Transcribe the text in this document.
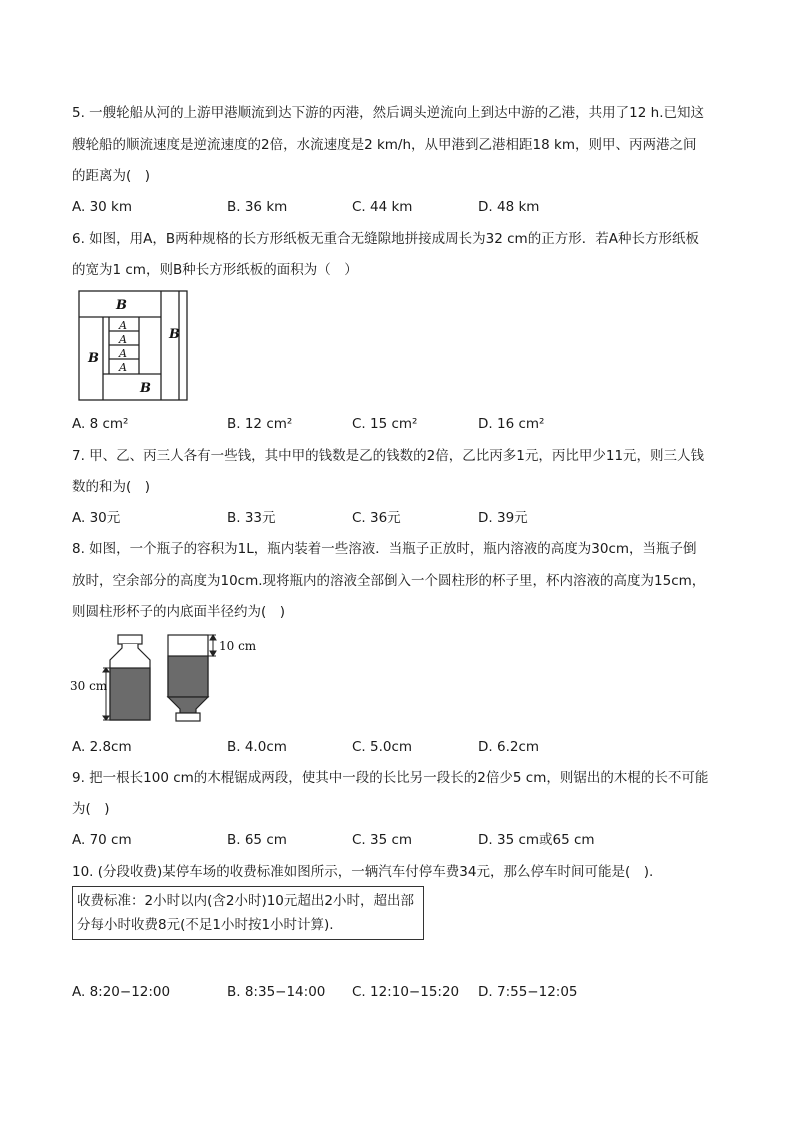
5. 一艘轮船从河的上游甲港顺流到达下游的丙港，然后调头逆流向上到达中游的乙港，共用了12 h.已知这
艘轮船的顺流速度是逆流速度的2倍，水流速度是2 km/h，从甲港到乙港相距18 km，则甲、丙两港之间
的距离为(　)
A. 30 km	B. 36 km	C. 44 km	D. 48 km
6. 如图，用A，B两种规格的长方形纸板无重合无缝隙地拼接成周长为32 cm的正方形．若A种长方形纸板
的宽为1 cm，则B种长方形纸板的面积为（　）
B
B
B
B
A
A
A
A
A. 8 cm²	B. 12 cm²	C. 15 cm²	D. 16 cm²
7. 甲、乙、丙三人各有一些钱，其中甲的钱数是乙的钱数的2倍，乙比丙多1元，丙比甲少11元，则三人钱
数的和为(　)
A. 30元	B. 33元	C. 36元	D. 39元
8. 如图，一个瓶子的容积为1L，瓶内装着一些溶液．当瓶子正放时，瓶内溶液的高度为30cm，当瓶子倒
放时，空余部分的高度为10cm.现将瓶内的溶液全部倒入一个圆柱形的杯子里，杯内溶液的高度为15cm，
则圆柱形杯子的内底面半径约为(　)
30 cm
10 cm
A. 2.8cm	B. 4.0cm	C. 5.0cm	D. 6.2cm
9. 把一根长100 cm的木棍锯成两段，使其中一段的长比另一段长的2倍少5 cm，则锯出的木棍的长不可能
为(　)
A. 70 cm	B. 65 cm	C. 35 cm	D. 35 cm或65 cm
10. (分段收费)某停车场的收费标准如图所示，一辆汽车付停车费34元，那么停车时间可能是(　).
收费标准：2小时以内(含2小时)10元超出2小时，超出部
分每小时收费8元(不足1小时按1小时计算).
A. 8:20−12:00	B. 8:35−14:00 C. 12:10−15:20 D. 7:55−12:05
